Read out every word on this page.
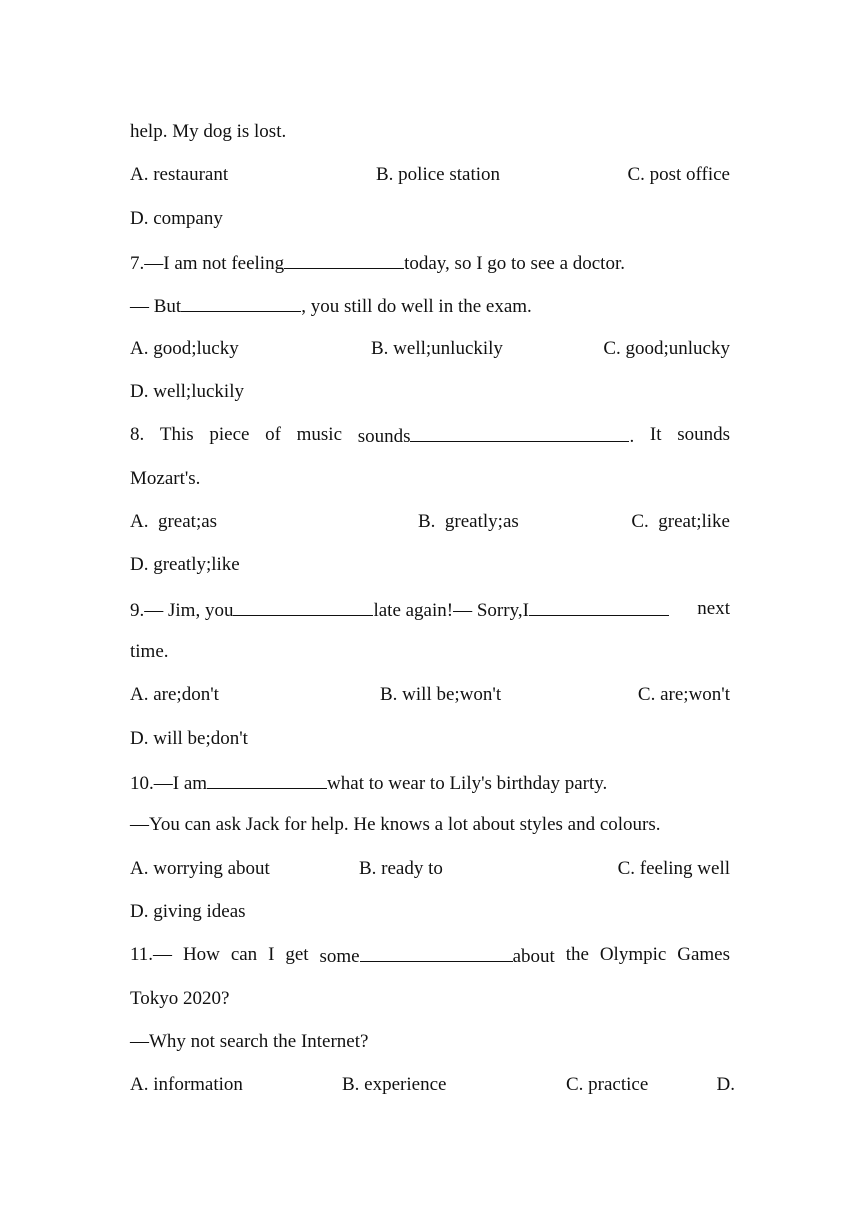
help. My dog is lost.
A. restaurant	B. police station	C. post office
D. company
7.—I am not feeling	today, so I go to see a doctor.
— But	, you still do well in the exam.
A. good;lucky	B. well;unluckily	C. good;unlucky
D. well;luckily
8. This piece of music sounds	. It sounds
Mozart's.
A.  great;as	B.  greatly;as	C.  great;like
D. greatly;like
9.— Jim, you	late again!— Sorry,I	next
time.
A. are;don't	B. will be;won't	C. are;won't
D. will be;don't
10.—I am	what to wear to Lily's birthday party.
—You can ask Jack for help. He knows a lot about styles and colours.
A. worrying about	B. ready to	C. feeling well
D. giving ideas
11.— How can I get some	about the Olympic Games
Tokyo 2020?
—Why not search the Internet?
A. information	B. experience	C. practice	D.
